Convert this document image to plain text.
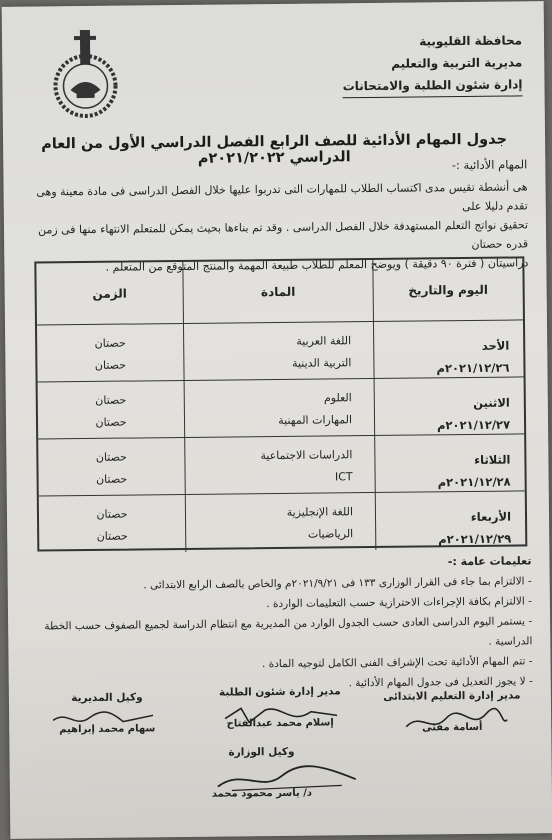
محافظة القليوبية
مديرية التربية والتعليم
إدارة شئون الطلبة والامتحانات
جدول المهام الأدائية للصف الرابع الفصل الدراسي الأول من العام الدراسي ٢٠٢١/٢٠٢٢م	المهام الأدائية :-
هى أنشطة تقيس مدى اكتساب الطلاب للمهارات التى تدربوا عليها خلال الفصل الدراسى فى مادة معينة وهى تقدم دليلا على
تحقيق نواتج التعلم المستهدفة خلال الفصل الدراسى . وقد تم بناءها بحيث يمكن للمتعلم الانتهاء منها فى زمن قدره حصتان
دراسيتان ( فترة ٩٠ دقيقة ) ويوضح المعلم للطلاب طبيعة المهمة والمنتج المتوقع من المتعلم .
اليوم والتاريخ
المادة
الزمن
الأحد
٢٠٢١/١٢/٢٦م
اللغة العربية
التربية الدينية
حصتان
حصتان
الاثنين
٢٠٢١/١٢/٢٧م
العلوم
المهارات المهنية
حصتان
حصتان
الثلاثاء
٢٠٢١/١٢/٢٨م
الدراسات الاجتماعية
ICT
حصتان
حصتان
الأربعاء
٢٠٢١/١٢/٢٩م
اللغة الإنجليزية
الرياضيات
حصتان
حصتان
تعليمات عامة :-
- الالتزام بما جاء فى القرار الوزارى ١٣٣ فى ٢٠٢١/٩/٢١م والخاص بالصف الرابع الابتدائى .
- الالتزام بكافة الإجراءات الاحترازية حسب التعليمات الواردة .
- يستمر اليوم الدراسى العادى حسب الجدول الوارد من المديرية مع انتظام الدراسة لجميع الصفوف حسب الخطة الدراسية .
- تتم المهام الأدائية تحت الإشراف الفنى الكامل لتوجيه المادة .
- لا يجوز التعديل فى جدول المهام الأدائية .
مدير إدارة التعليم الابتدائى
أسامة مفتى
مدير إدارة شئون الطلبة
إسلام محمد عبدالفتاح
وكيل المديرية
سهام محمد إبراهيم
وكيل الوزارة
د/ ياسر محمود محمد
